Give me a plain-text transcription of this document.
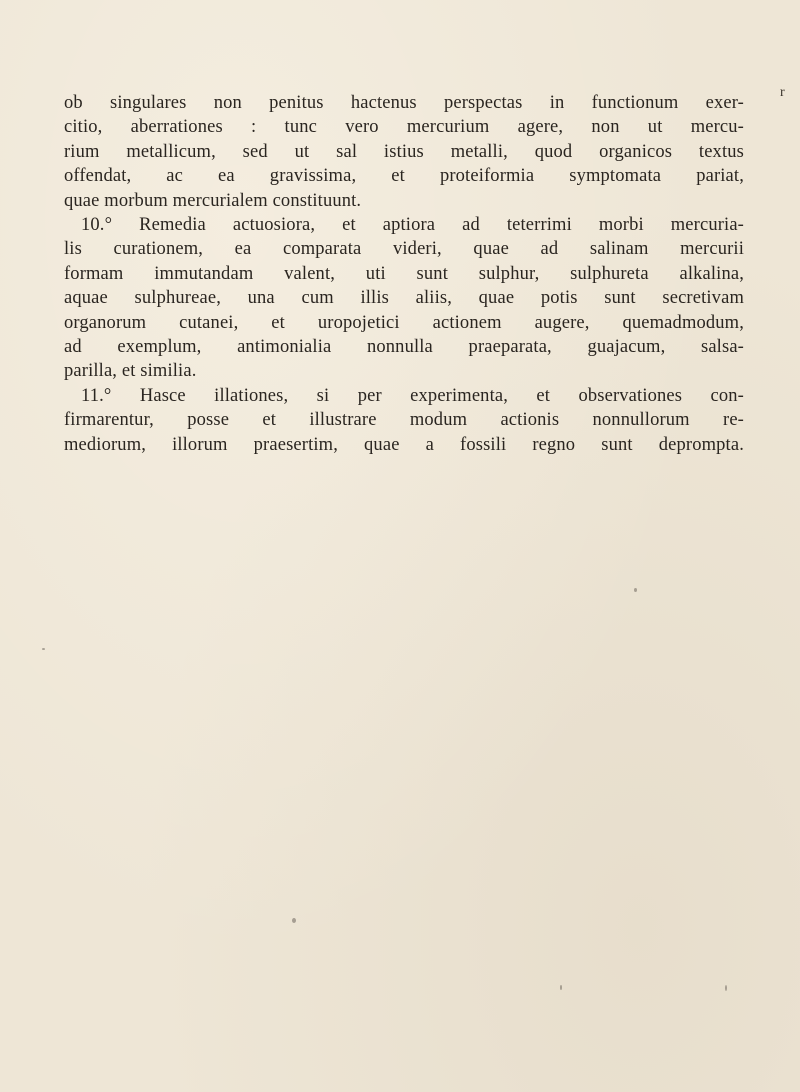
r
ob singulares non penitus hactenus perspectas in functionum exer-
citio, aberrationes : tunc vero mercurium agere, non ut mercu-
rium metallicum, sed ut sal istius metalli, quod organicos textus
offendat, ac ea gravissima, et proteiformia symptomata pariat,
quae morbum mercurialem constituunt.
10.° Remedia actuosiora, et aptiora ad teterrimi morbi mercuria-
lis curationem, ea comparata videri, quae ad salinam mercurii
formam immutandam valent, uti sunt sulphur, sulphureta alkalina,
aquae sulphureae, una cum illis aliis, quae potis sunt secretivam
organorum cutanei, et uropojetici actionem augere, quemadmodum,
ad exemplum, antimonialia nonnulla praeparata, guajacum, salsa-
parilla, et similia.
11.° Hasce illationes, si per experimenta, et observationes con-
firmarentur, posse et illustrare modum actionis nonnullorum re-
mediorum, illorum praesertim, quae a fossili regno sunt deprompta.
